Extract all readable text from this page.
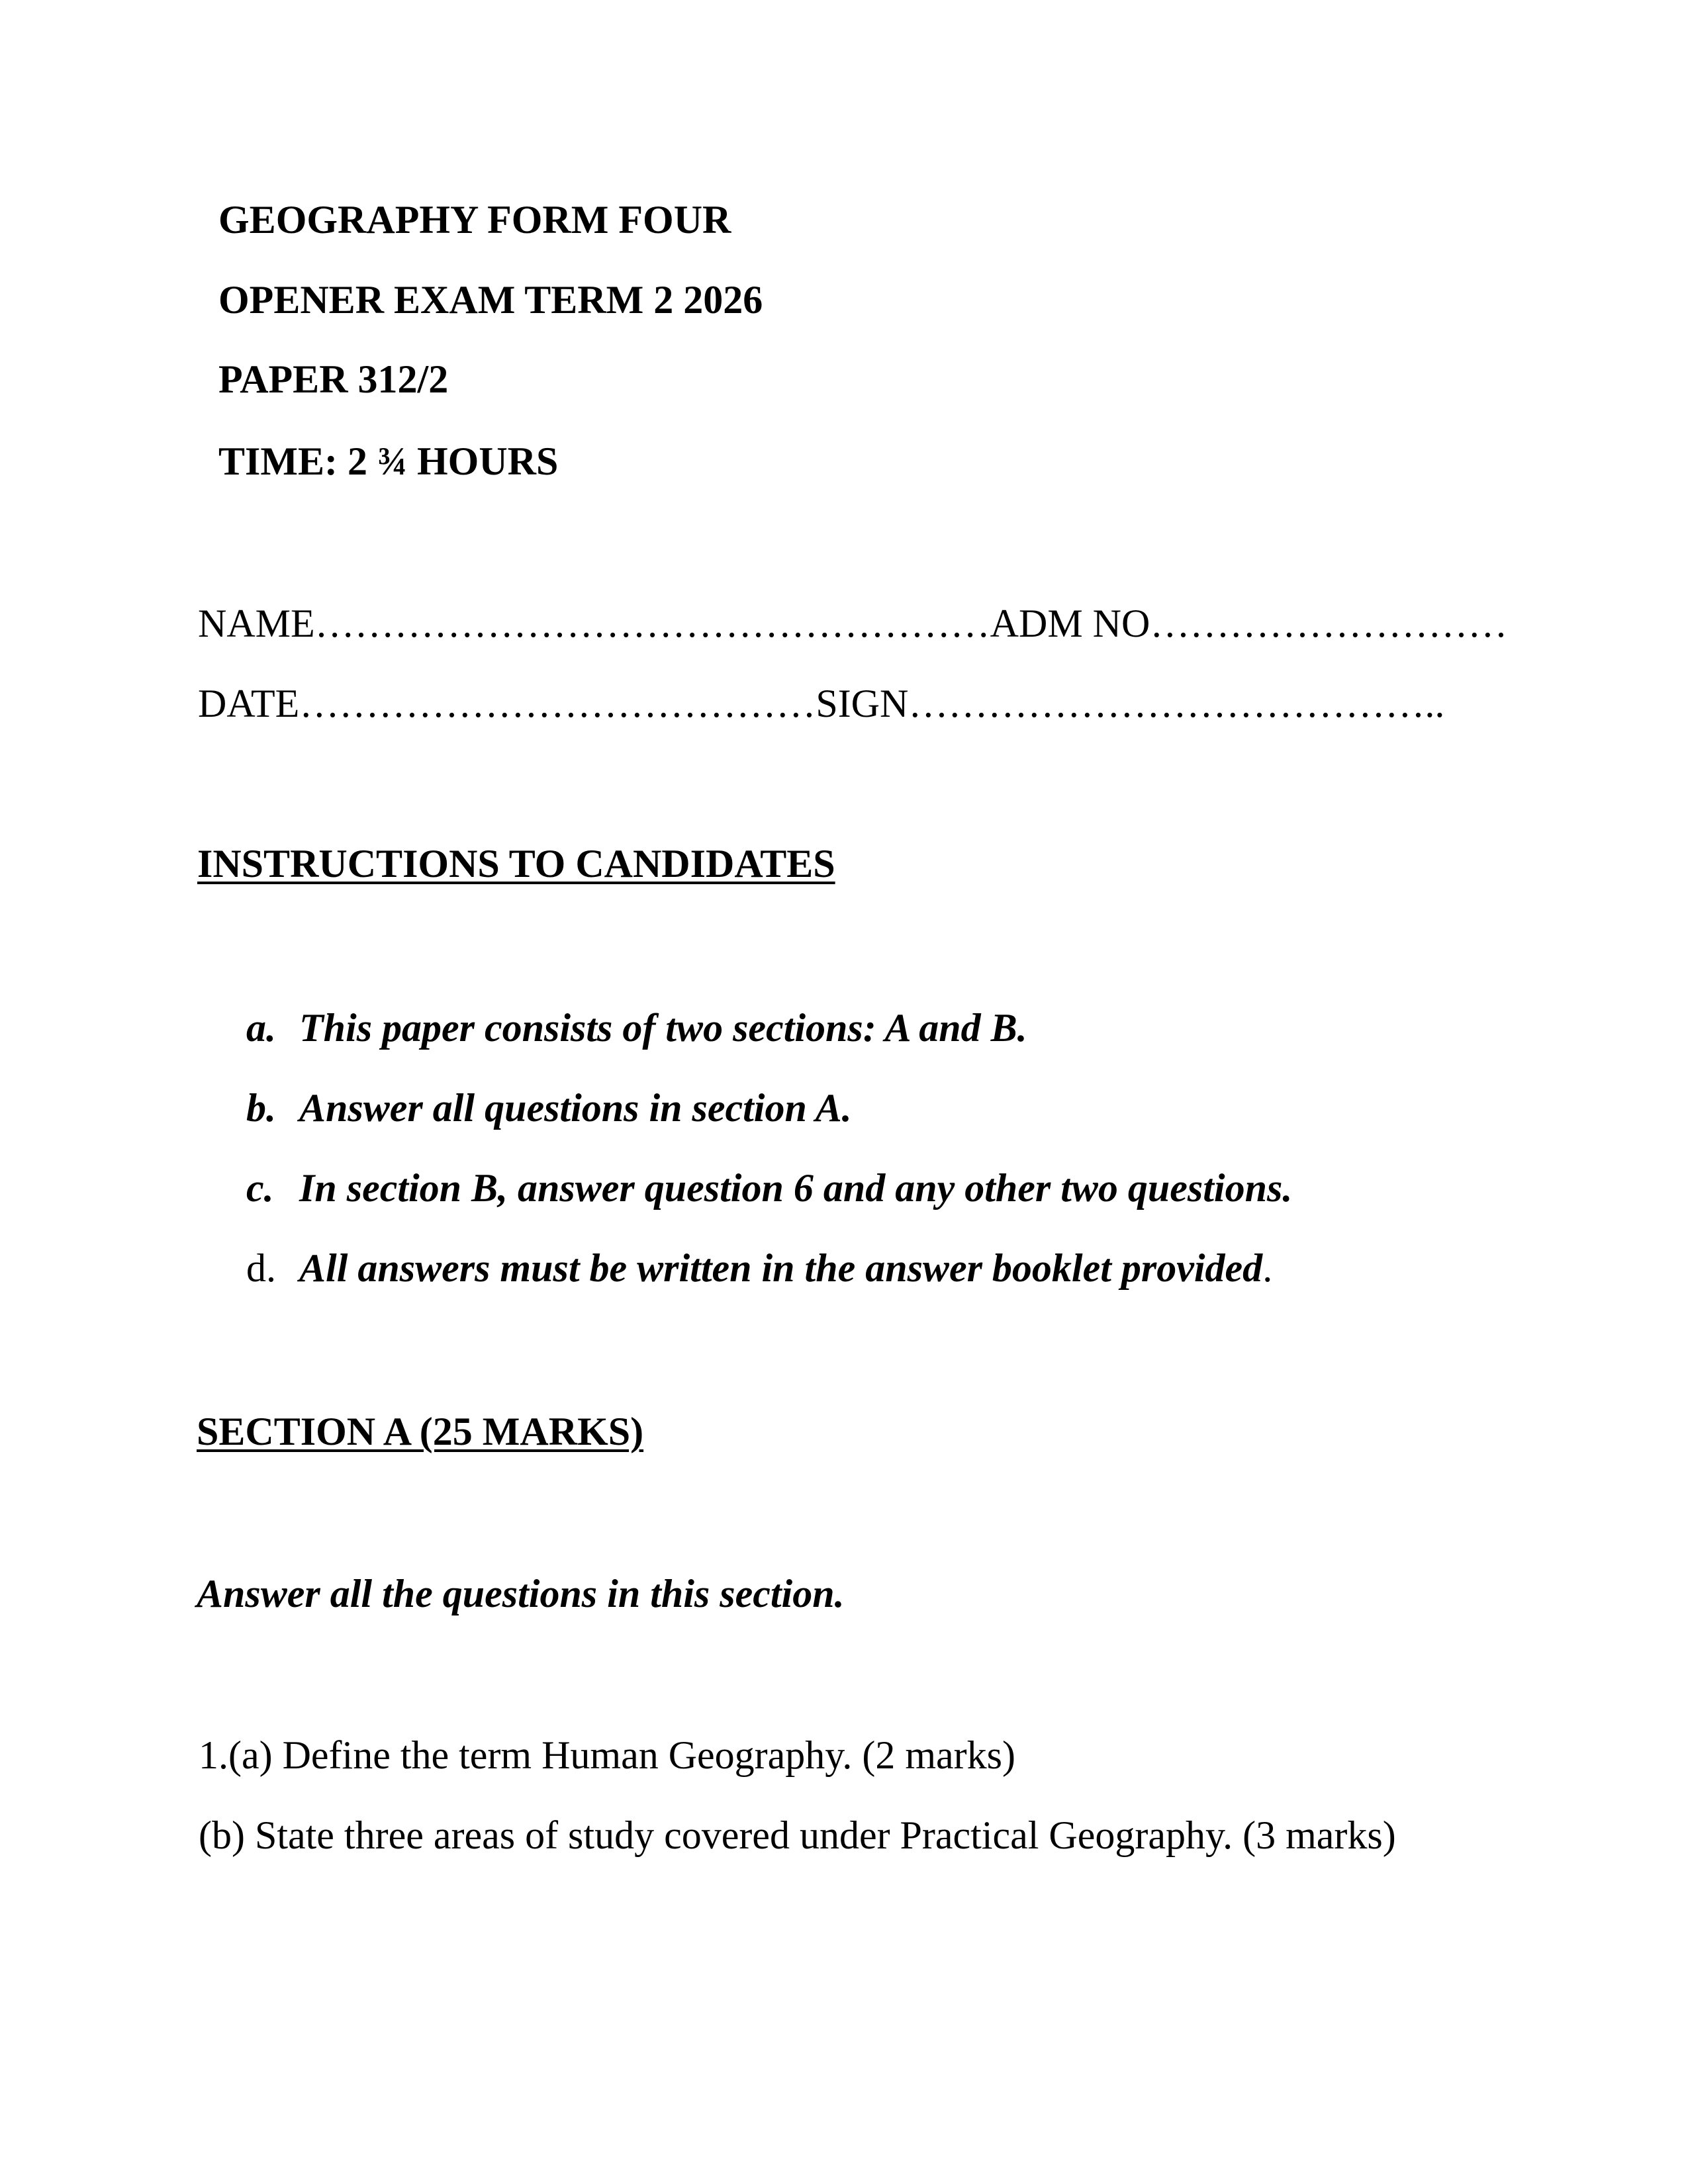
GEOGRAPHY FORM FOUR
OPENER EXAM TERM 2 2026
PAPER 312/2
TIME: 2 ¾ HOURS
NAME……………………………………………ADM NO………………………
DATE…………………………………SIGN…………………………………..
INSTRUCTIONS TO CANDIDATES
a. This paper consists of two sections: A and B.
b. Answer all questions in section A.
c. In section B, answer question 6 and any other two questions.
d. All answers must be written in the answer booklet provided.
SECTION A (25 MARKS)
Answer all the questions in this section.
1.(a) Define the term Human Geography. (2 marks)
(b) State three areas of study covered under Practical Geography. (3 marks)
